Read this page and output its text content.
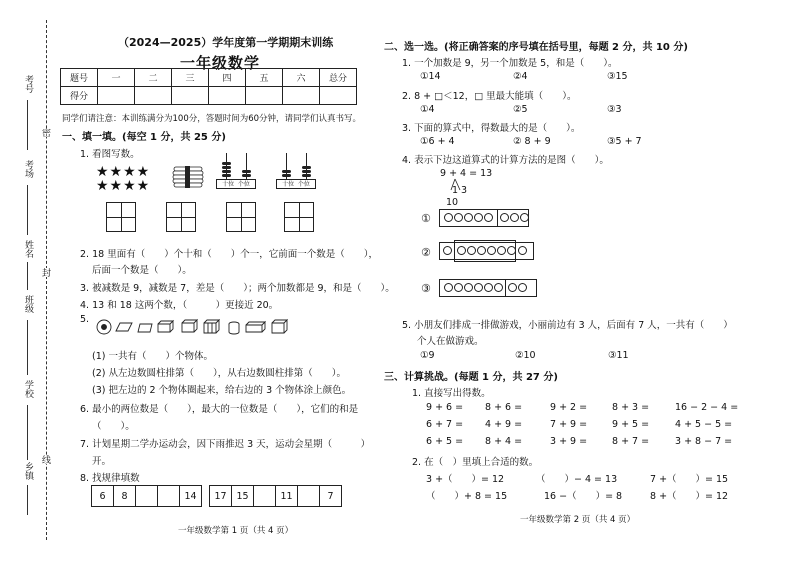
考号
考场
姓名
班级
学校
乡镇
密
封
线
（2024—2025）学年度第一学期期末训练
一年级数学
题号	一	二	三	四	五	六	总分
得分							
同学们请注意：本训练满分为100分，答题时间为60分钟，请同学们认真书写。
一、填一填。(每空 1 分，共 25 分)
1. 看图写数。
★★★★
★★★★	十位 个位	十位 个位
2. 18 里面有（　　）个十和（　　）个一，它前面一个数是（　　），
后面一个数是（　　）。
3. 被减数是 9，减数是 7，差是（　　）；两个加数都是 9，和是（　　）。
4. 13 和 18 这两个数，（　　　）更接近 20。
5.
(1) 一共有（　　）个物体。
(2) 从左边数圆柱排第（　　），从右边数圆柱排第（　　）。
(3) 把左边的 2 个物体圈起来，给右边的 3 个物体涂上颜色。
6. 最小的两位数是（　　），最大的一位数是（　　），它们的和是
（　　）。
7. 计划星期二学办运动会，因下雨推迟 3 天，运动会星期（　　　）
开。
8. 找规律填数
6	8			14		17	15		11		7
一年级数学第 1 页（共 4 页）
二、选一选。(将正确答案的序号填在括号里，每题 2 分，共 10 分)
1. 一个加数是 9，另一个加数是 5，和是（　　）。
①14	②4	③15
2. 8 + □＜12，□ 里最大能填（　　）。
①4	②5	③3
3. 下面的算式中，得数最大的是（　　）。
①6 + 4	② 8 + 9	③5 + 7
4. 表示下边这道算式的计算方法的是图（　　）。
9 + 4 = 13
1 3
10
①
②
③
5. 小朋友们排成一排做游戏，小丽前边有 3 人，后面有 7 人，一共有（　　）
个人在做游戏。
①9	②10	③11
三、计算挑战。(每题 1 分，共 27 分)
1. 直接写出得数。
9 + 6 = 8 + 6 =	9 + 2 =	8 + 3 =	16 − 2 − 4 =
6 + 7 = 4 + 9 =	7 + 9 =	9 + 5 =	4 + 5 − 5 =
6 + 5 = 8 + 4 =	3 + 9 =	8 + 7 =	3 + 8 − 7 =
2. 在（　）里填上合适的数。
3 +（　　）= 12	（　　）− 4 = 13	7 +（　　）= 15
（　　）+ 8 = 15	16 −（　　）= 8	8 +（　　）= 12
一年级数学第 2 页（共 4 页）
